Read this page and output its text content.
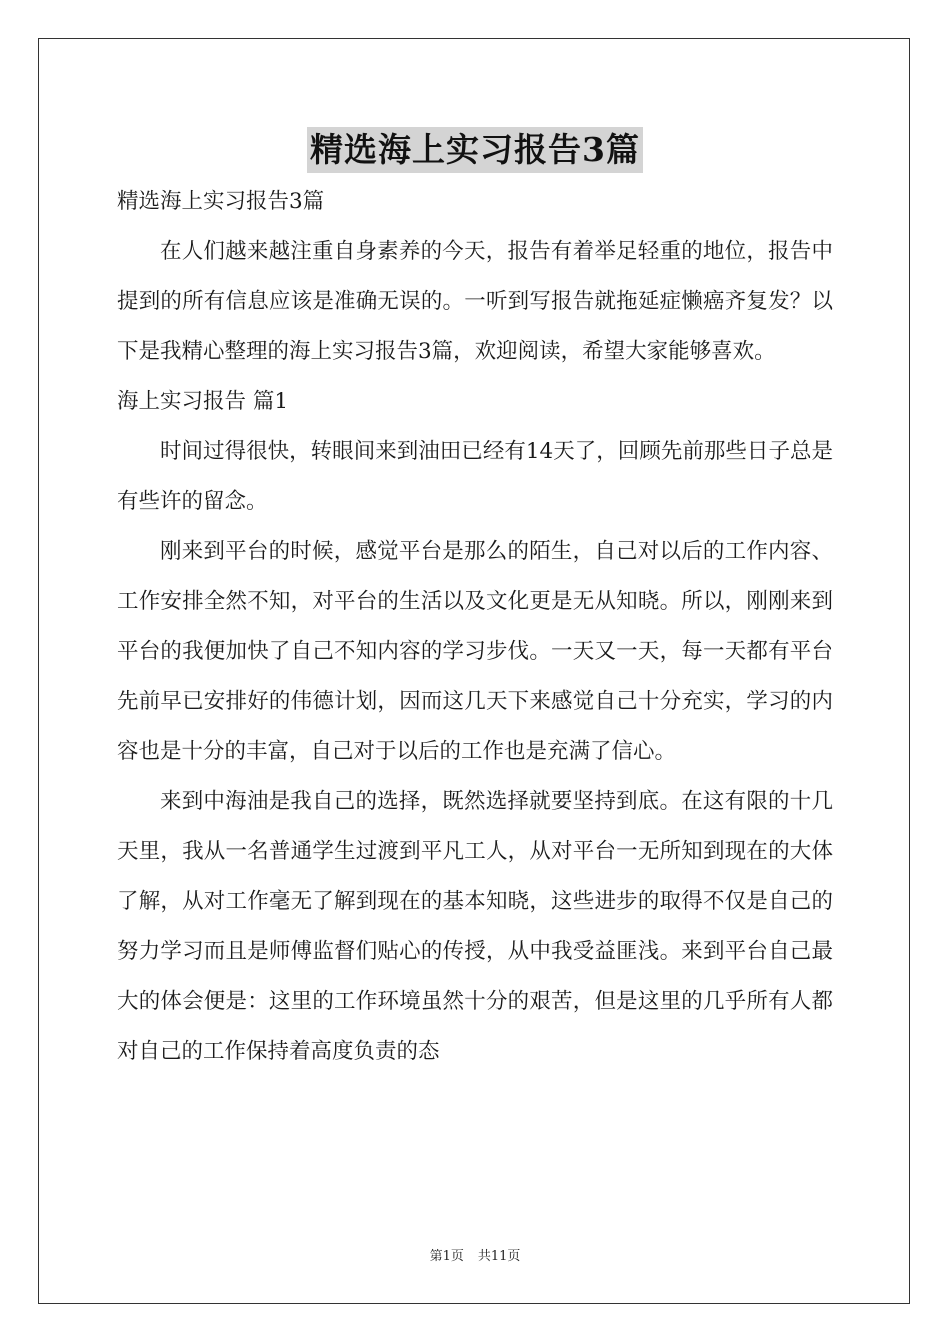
精选海上实习报告3篇

精选海上实习报告3篇

在人们越来越注重自身素养的今天，报告有着举足轻重的地位，报告中提到的所有信息应该是准确无误的。一听到写报告就拖延症懒癌齐复发？以下是我精心整理的海上实习报告3篇，欢迎阅读，希望大家能够喜欢。

海上实习报告 篇1

时间过得很快，转眼间来到油田已经有14天了，回顾先前那些日子总是有些许的留念。

刚来到平台的时候，感觉平台是那么的陌生，自己对以后的工作内容、工作安排全然不知，对平台的生活以及文化更是无从知晓。所以，刚刚来到平台的我便加快了自己不知内容的学习步伐。一天又一天，每一天都有平台先前早已安排好的伟德计划，因而这几天下来感觉自己十分充实，学习的内容也是十分的丰富，自己对于以后的工作也是充满了信心。

来到中海油是我自己的选择，既然选择就要坚持到底。在这有限的十几天里，我从一名普通学生过渡到平凡工人，从对平台一无所知到现在的大体了解，从对工作毫无了解到现在的基本知晓，这些进步的取得不仅是自己的努力学习而且是师傅监督们贴心的传授，从中我受益匪浅。来到平台自己最大的体会便是：这里的工作环境虽然十分的艰苦，但是这里的几乎所有人都对自己的工作保持着高度负责的态

第1页 共11页
